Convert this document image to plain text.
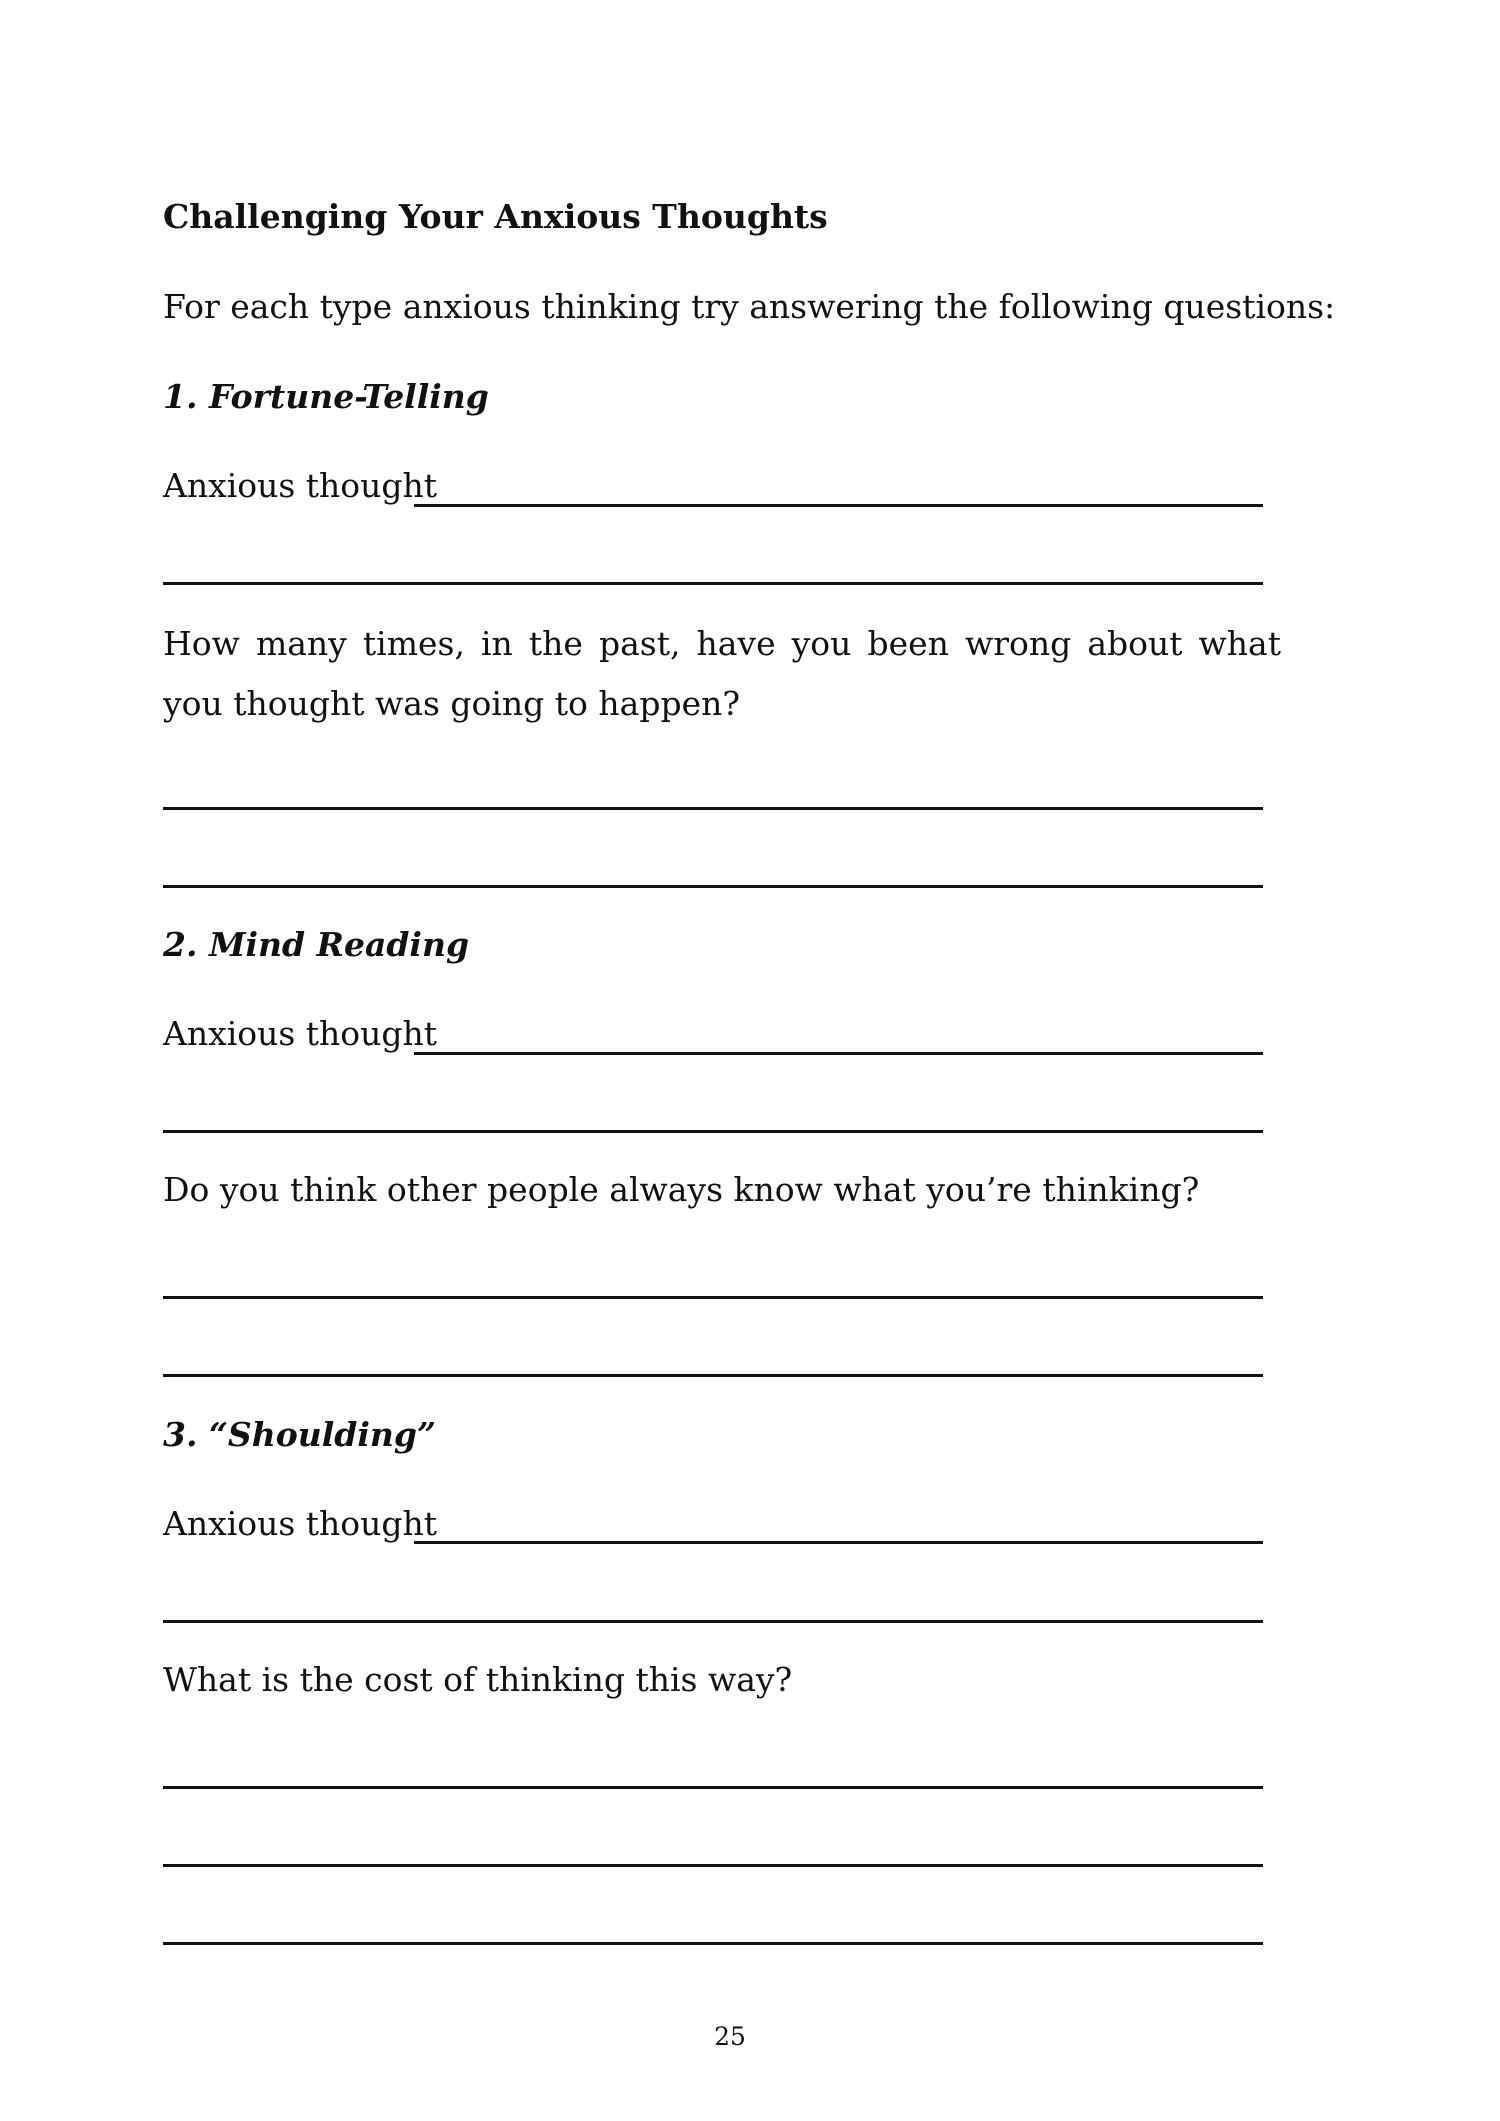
Challenging Your Anxious Thoughts
For each type anxious thinking try answering the following questions:
1. Fortune-Telling
Anxious thought
How many times, in the past, have you been wrong about what you thought was going to happen?
2. Mind Reading
Anxious thought
Do you think other people always know what you’re thinking?
3. “Shoulding”
Anxious thought
What is the cost of thinking this way?
25
